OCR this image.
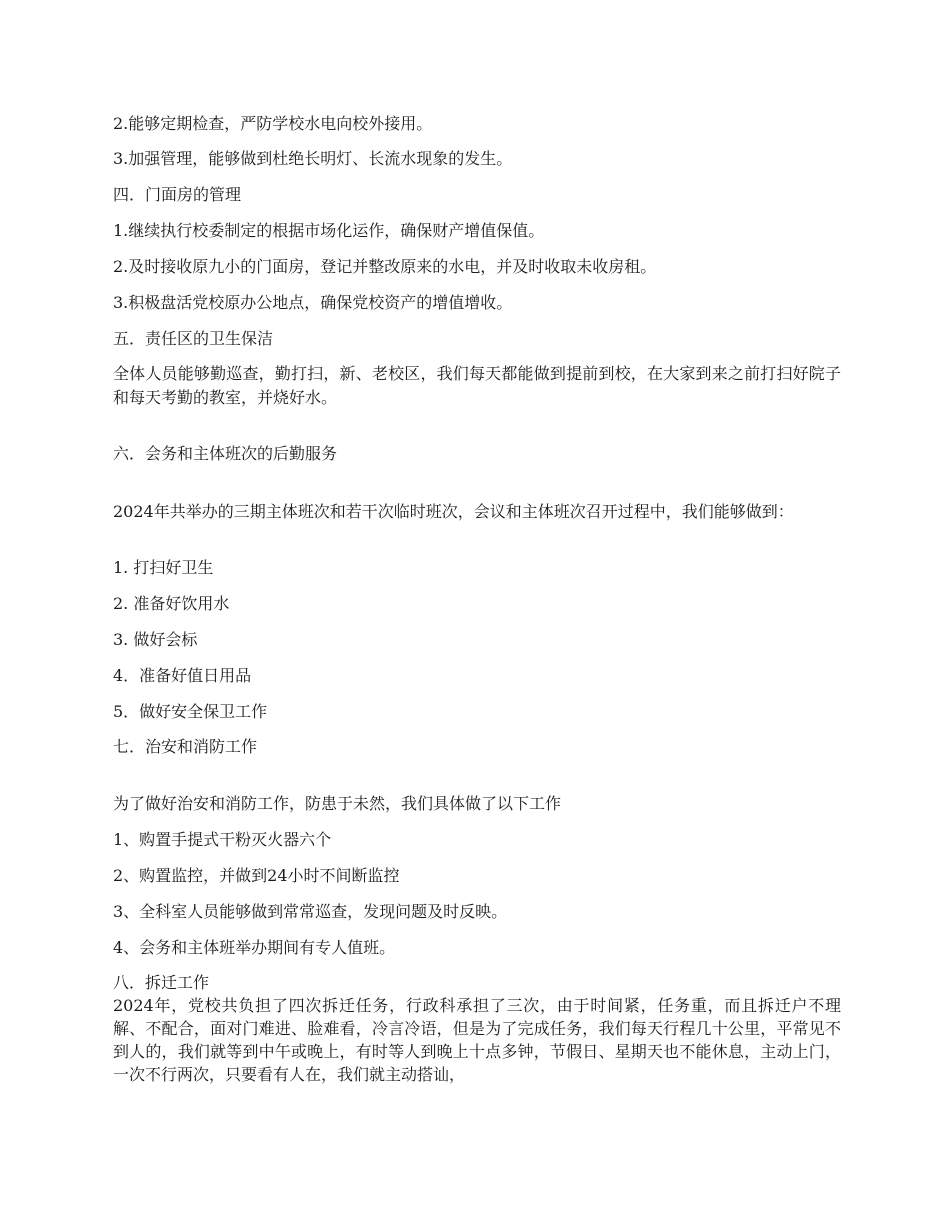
2.能够定期检查，严防学校水电向校外接用。
3.加强管理，能够做到杜绝长明灯、长流水现象的发生。
四．门面房的管理
1.继续执行校委制定的根据市场化运作，确保财产增值保值。
2.及时接收原九小的门面房，登记并整改原来的水电，并及时收取未收房租。
3.积极盘活党校原办公地点，确保党校资产的增值增收。
五．责任区的卫生保洁
全体人员能够勤巡查，勤打扫，新、老校区，我们每天都能做到提前到校，在大家到来之前打扫好院子和每天考勤的教室，并烧好水。
六．会务和主体班次的后勤服务
2024年共举办的三期主体班次和若干次临时班次，会议和主体班次召开过程中，我们能够做到：
1. 打扫好卫生
2. 准备好饮用水
3. 做好会标
4．准备好值日用品
5．做好安全保卫工作
七．治安和消防工作
为了做好治安和消防工作，防患于未然，我们具体做了以下工作
1、购置手提式干粉灭火器六个
2、购置监控，并做到24小时不间断监控
3、全科室人员能够做到常常巡查，发现问题及时反映。
4、会务和主体班举办期间有专人值班。
八．拆迁工作
2024年，党校共负担了四次拆迁任务，行政科承担了三次，由于时间紧，任务重，而且拆迁户不理解、不配合，面对门难进、脸难看，冷言冷语，但是为了完成任务，我们每天行程几十公里，平常见不到人的，我们就等到中午或晚上，有时等人到晚上十点多钟，节假日、星期天也不能休息，主动上门，一次不行两次，只要看有人在，我们就主动搭讪，
